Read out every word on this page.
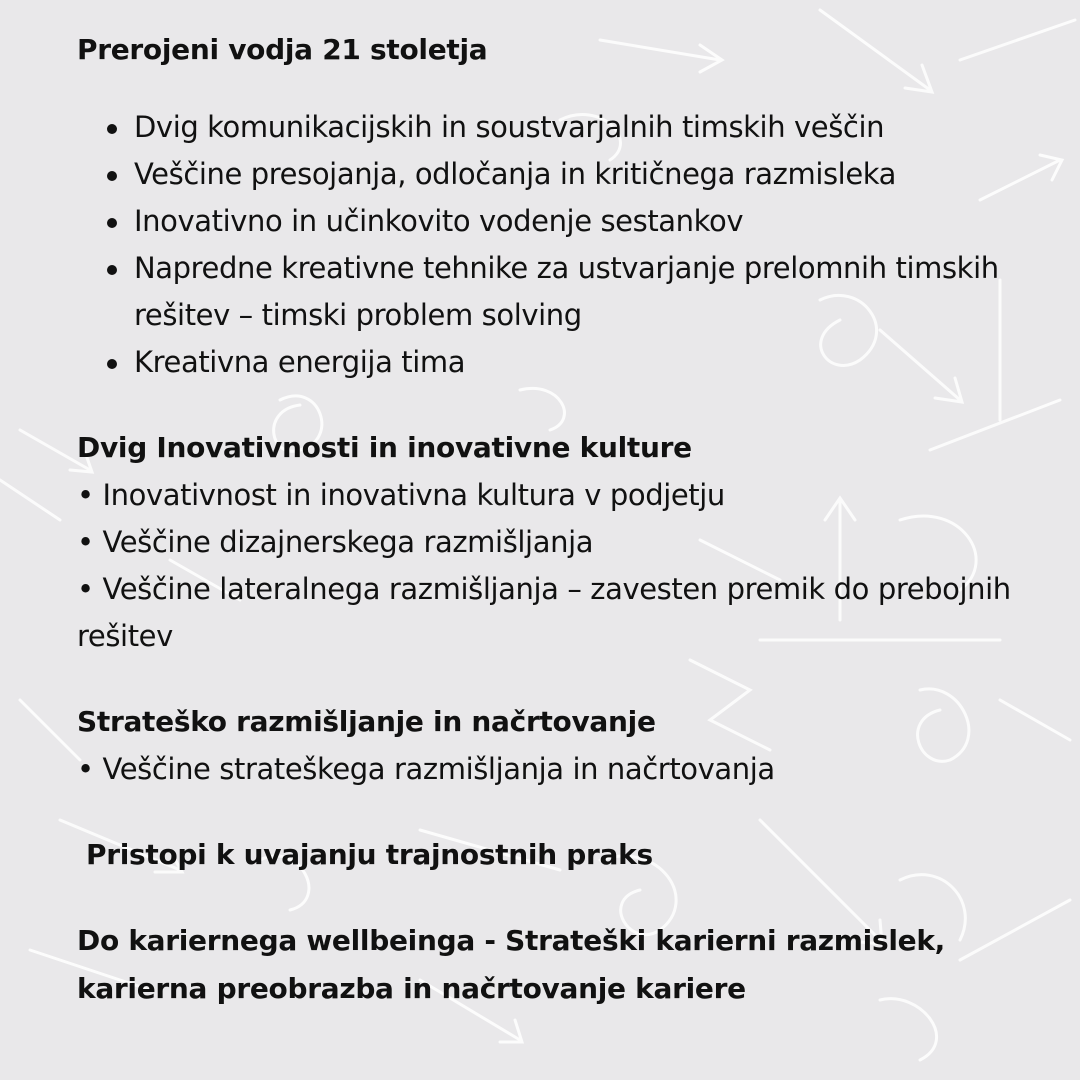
Prerojeni vodja 21 stoletja

Dvig komunikacijskih in soustvarjalnih timskih veščin
Veščine presojanja, odločanja in kritičnega razmisleka
Inovativno in učinkovito vodenje sestankov
Napredne kreativne tehnike za ustvarjanje prelomnih timskih rešitev – timski problem solving
Kreativna energija tima

Dvig Inovativnosti in inovativne kulture

• Inovativnost in inovativna kultura v podjetju

• Veščine dizajnerskega razmišljanja

• Veščine lateralnega razmišljanja – zavesten premik do prebojnih rešitev

Strateško razmišljanje in načrtovanje

• Veščine strateškega razmišljanja in načrtovanja

Pristopi k uvajanju trajnostnih praks

Do kariernega wellbeinga - Strateški karierni razmislek, karierna preobrazba in načrtovanje kariere
